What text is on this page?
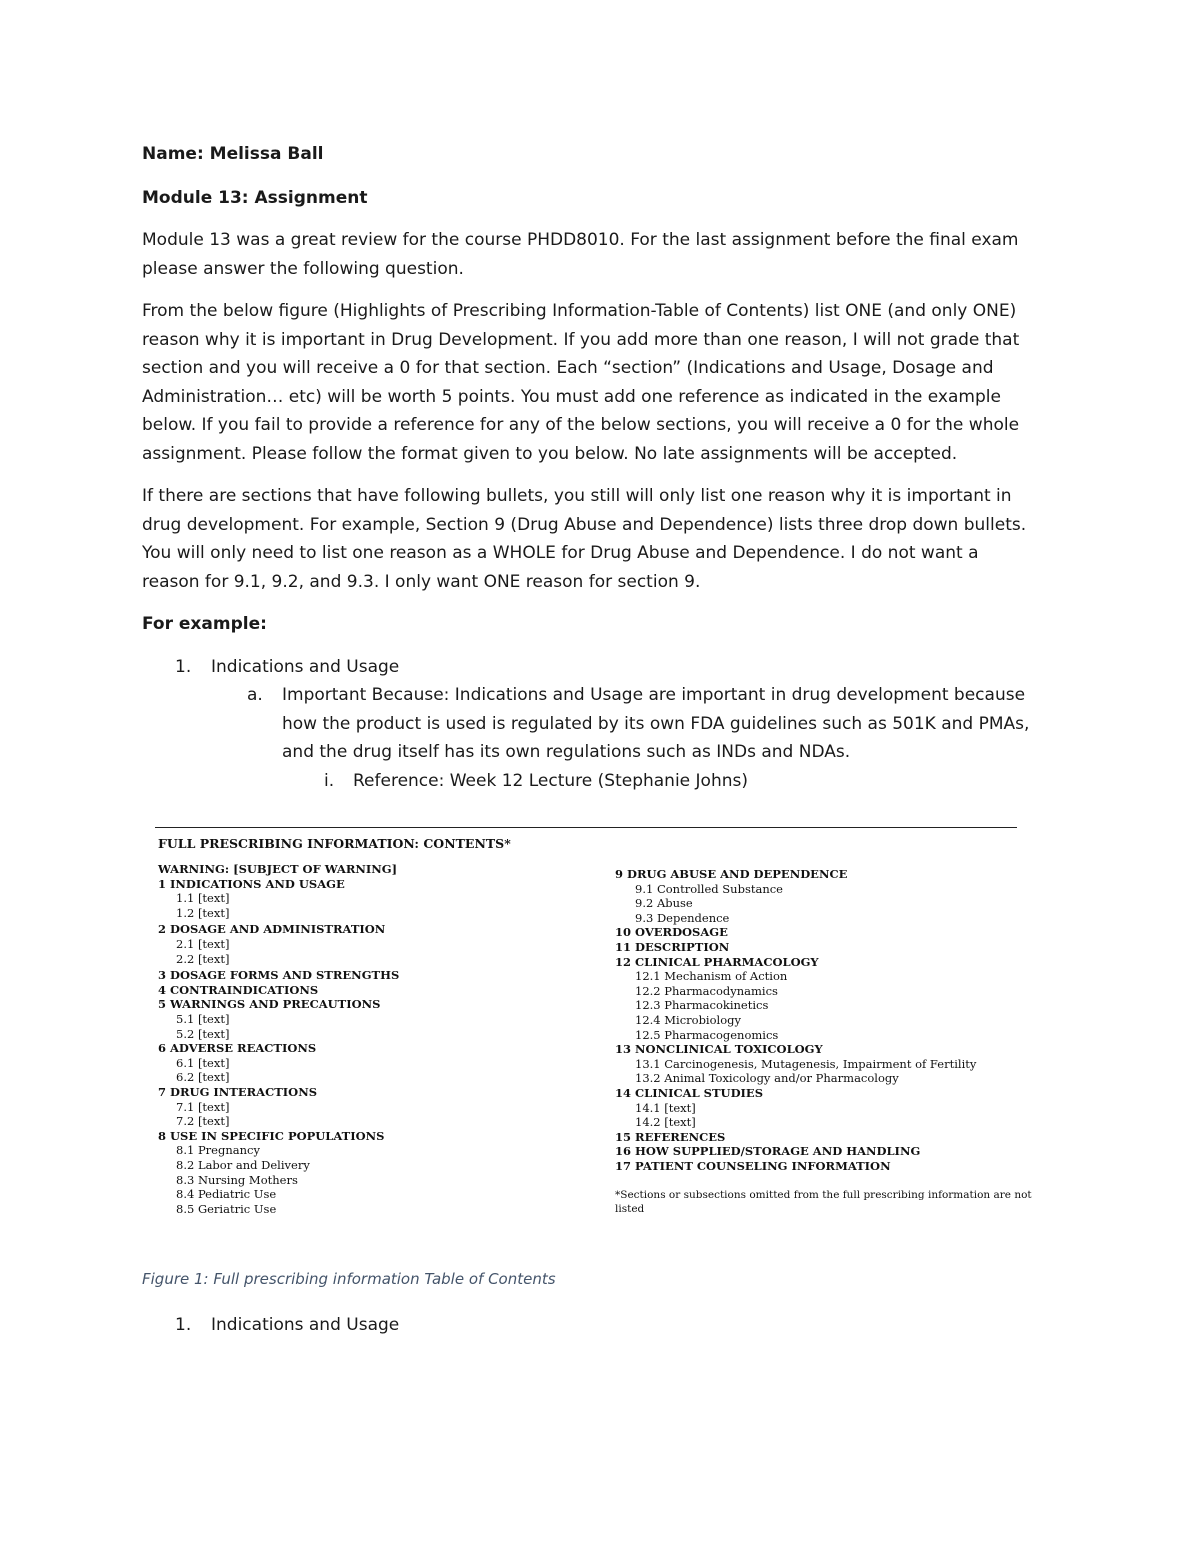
Name: Melissa Ball

Module 13: Assignment

Module 13 was a great review for the course PHDD8010. For the last assignment before the final exam

please answer the following question.

From the below figure (Highlights of Prescribing Information-Table of Contents) list ONE (and only ONE)

reason why it is important in Drug Development. If you add more than one reason, I will not grade that

section and you will receive a 0 for that section. Each “section” (Indications and Usage, Dosage and

Administration… etc) will be worth 5 points. You must add one reference as indicated in the example

below. If you fail to provide a reference for any of the below sections, you will receive a 0 for the whole

assignment. Please follow the format given to you below. No late assignments will be accepted.

If there are sections that have following bullets, you still will only list one reason why it is important in

drug development. For example, Section 9 (Drug Abuse and Dependence) lists three drop down bullets.

You will only need to list one reason as a WHOLE for Drug Abuse and Dependence. I do not want a

reason for 9.1, 9.2, and 9.3. I only want ONE reason for section 9.

For example:

1. Indications and Usage
a. Important Because: Indications and Usage are important in drug development because
how the product is used is regulated by its own FDA guidelines such as 501K and PMAs,
and the drug itself has its own regulations such as INDs and NDAs.
i. Reference: Week 12 Lecture (Stephanie Johns)
FULL PRESCRIBING INFORMATION: CONTENTS*
WARNING: [SUBJECT OF WARNING]
1 INDICATIONS AND USAGE
1.1 [text]
1.2 [text]
2 DOSAGE AND ADMINISTRATION
2.1 [text]
2.2 [text]
3 DOSAGE FORMS AND STRENGTHS
4 CONTRAINDICATIONS
5 WARNINGS AND PRECAUTIONS
5.1 [text]
5.2 [text]
6 ADVERSE REACTIONS
6.1 [text]
6.2 [text]
7 DRUG INTERACTIONS
7.1 [text]
7.2 [text]
8 USE IN SPECIFIC POPULATIONS
8.1 Pregnancy
8.2 Labor and Delivery
8.3 Nursing Mothers
8.4 Pediatric Use
8.5 Geriatric Use
9 DRUG ABUSE AND DEPENDENCE
9.1 Controlled Substance
9.2 Abuse
9.3 Dependence
10 OVERDOSAGE
11 DESCRIPTION
12 CLINICAL PHARMACOLOGY
12.1 Mechanism of Action
12.2 Pharmacodynamics
12.3 Pharmacokinetics
12.4 Microbiology
12.5 Pharmacogenomics
13 NONCLINICAL TOXICOLOGY
13.1 Carcinogenesis, Mutagenesis, Impairment of Fertility
13.2 Animal Toxicology and/or Pharmacology
14 CLINICAL STUDIES
14.1 [text]
14.2 [text]
15 REFERENCES
16 HOW SUPPLIED/STORAGE AND HANDLING
17 PATIENT COUNSELING INFORMATION
*Sections or subsections omitted from the full prescribing information are not
listed
Figure 1: Full prescribing information Table of Contents
1. Indications and Usage
